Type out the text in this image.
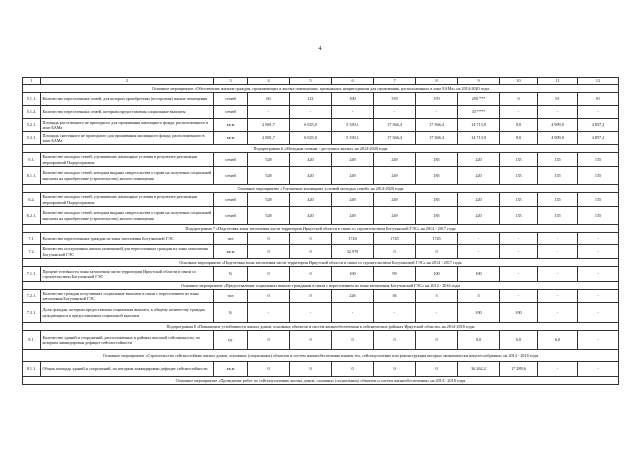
4
1	2	3	4	5	6	7	8	9	10	11	12
Основное мероприятие «Обеспечение жильем граждан, проживающих в жилых помещениях, признанных непригодными для проживания, расположенных в зоне БАМа» на 2014-2020 годы											
5.1.1.	Количество переселенных семей, для которых приобретены (построены) жилые помещения	семей	60	121	100	370	370	250 ***	0	91	91
5.1.2.	Количество переселенных семей, которым предоставлены социальные выплаты	семей	-	-	-	-	-	33 ****	-	-	-
5.2.1.	Площадь расселенного не пригодного для проживания жилищного фонда, расположенного в зоне БАМа	кв.м	2 881,7	6 025,0	5 339,1	17 366,4	17 366,4	14 713,9	0,0	4 909,0	4 857,2
5.3.1.	Площадь снесенного не пригодного для проживания жилищного фонда, расположенного в зоне БАМа	кв.м	2 881,7	6 025,0	5 339,1	17 366,4	17 366,4	14 713,9	0,0	4 909,0	4 857,2
Подпрограмма 6 «Молодым семьям - доступное жилье» на 2014-2020 годы											
6.1.	Количество молодых семей, улучшивших жилищные условия в результате реализации мероприятий Подпрограммы	семей	528	420	249	249	185	220	135	135	135
6.1.1.	Количество молодых семей, которым выданы свидетельства о праве на получение социальной выплаты на приобретение (строительство) жилого помещения	семей	528	420	249	249	185	220	135	135	135
Основное мероприятие «Улучшение жилищных условий молодых семей» на 2014-2020 годы											
6.2.	Количество молодых семей, улучшивших жилищные условия в результате реализации мероприятий Подпрограммы	семей	528	420	249	249	185	220	135	135	135
6.2.1.	Количество молодых семей, которым выданы свидетельства о праве на получение социальной выплаты на приобретение (строительство) жилого помещения	семей	528	420	249	249	185	220	135	135	135
Подпрограмма 7 «Подготовка зоны затопления части территории Иркутской области в связи со строительством Богучанской ГЭС» на 2014 - 2017 годы											
7.1.	Количество переселенных граждан из зоны затопления Богучанской ГЭС	чел	0	0	1726	1745	1745	-	-	-	-
7.2.	Количество построенных жилых помещений для переселенных граждан из зоны затопления Богучанской ГЭС	кв.м	0	0	32 970	0	0	-	-	-	-
Основное мероприятие «Подготовка зоны затопления части территории Иркутской области в связи со строительством Богучанской ГЭС» на 2014 - 2017 годы											
7.1.1.	Процент готовности зоны затопления части территории Иркутской области в связи со строительством Богучанской ГЭС	%	0	0	100	99	100	100	-	-	-
Основное мероприятие «Предоставление социальных выплат гражданам в связи с переселением из зоны затопления Богучанской ГЭС» на 2014 - 2016 годы											
7.2.1.	Количество граждан получивших социальные выплаты в связи с переселением из зоны затопления Богучанской ГЭС	чел	0	0	226	36	3	3	-	-	-
7.3.1.	Доля граждан, которым предоставлена социальная выплата, к общему количеству граждан нуждающихся в предоставлении социальной выплаты	%	-	-	-	-	-	100	100	-	-
Подпрограмма 8 «Повышение устойчивости жилых домов, основных объектов и систем жизнеобеспечения в сейсмических районах Иркутской области» на 2014-2018 годы											
8.1.	Количество зданий и сооружений, расположенных в районах высокой сейсмичности, по которым ликвидирован дефицит сейсмостойкости	ед.	0	0	0	0	0	0,0	6,0	6,0	-
Основное мероприятие «Строительство сейсмостойких жилых домов, основных (социальных) объектов и систем жизнеобеспечения взамен тех, сейсмоусиление или реконструкция которых экономически нецелесообразны» на 2014 - 2018 годы											
8.1.1.	Общая площадь зданий и сооружений, по которым ликвидирован дефицит сейсмостойкости	кв.м	0	0	0	0	0	36 262,2	17 289,6	-	-
Основное мероприятие «Проведение работ по сейсмоусилению жилых домов, основных (социальных) объектов и систем жизнеобеспечения» на 2014 - 2018 годы											
